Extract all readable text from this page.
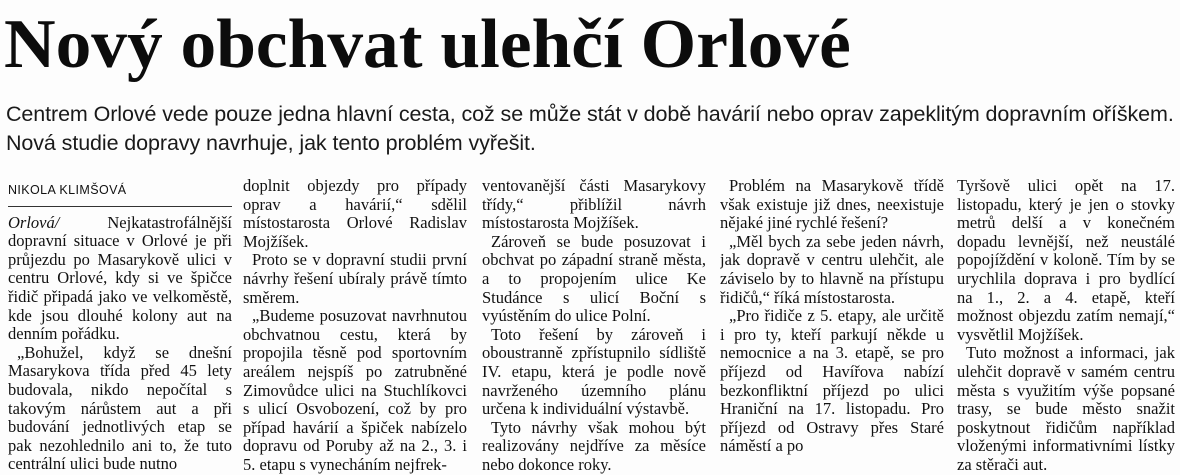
Nový obchvat ulehčí Orlové

Centrem Orlové vede pouze jedna hlavní cesta, což se může stát v době havárií nebo oprav zapeklitým dopravním oříškem. Nová studie dopravy navrhuje, jak tento problém vyřešit.

NIKOLA KLIMŠOVÁ

Orlová/	Nejkatastrofálnější dopravní situace v Orlové je při průjezdu po Masarykově ulici v centru Orlové, kdy si ve špičce řidič připadá jako ve velkoměstě, kde jsou dlouhé kolony aut na denním pořádku.

„Bohužel, když se dnešní Masarykova třída před 45 lety budovala, nikdo nepočítal s takovým nárůstem aut a při budování jednotlivých etap se pak nezohlednilo ani to, že tuto centrální ulici bude nutno

doplnit objezdy pro případy oprav a havárií,“ sdělil místostarosta Orlové Radislav Mojžíšek.

Proto se v dopravní studii první návrhy řešení ubíraly právě tímto směrem.

„Budeme posuzovat navrhnutou obchvatnou cestu, která by propojila těsně pod sportovním areálem nejspíš po zatrubněné Zimovůdce ulici na Stuchlíkovci s ulicí Osvobození, což by pro případ havárií a špiček nabízelo dopravu od Poruby až na 2., 3. i 5. etapu s vynecháním nejfrek-

ventovanější části Masarykovy třídy,“ přiblížil návrh místostarosta Mojžíšek.

Zároveň se bude posuzovat i obchvat po západní straně města, a to propojením ulice Ke Studánce s ulicí Boční s vyústěním do ulice Polní.

Toto řešení by zároveň i oboustranně zpřístupnilo sídliště IV. etapu, která je podle nově navrženého územního plánu určena k individuální výstavbě.

Tyto návrhy však mohou být realizovány nejdříve za měsíce nebo dokonce roky.

Problém na Masarykově třídě však existuje již dnes, neexistuje nějaké jiné rychlé řešení?

„Měl bych za sebe jeden návrh, jak dopravě v centru ulehčit, ale záviselo by to hlavně na přístupu řidičů,“ říká místostarosta.

„Pro řidiče z 5. etapy, ale určitě i pro ty, kteří parkují někde u nemocnice a na 3. etapě, se pro příjezd od Havířova nabízí bezkonfliktní příjezd po ulici Hraniční na 17. listopadu. Pro příjezd od Ostravy přes Staré náměstí a po

Tyršově ulici opět na 17. listopadu, který je jen o stovky metrů delší a v konečném dopadu levnější, než neustálé popojíždění v koloně. Tím by se urychlila doprava i pro bydlící na 1., 2. a 4. etapě, kteří možnost objezdu zatím nemají,“ vysvětlil Mojžíšek.

Tuto možnost a informaci, jak ulehčit dopravě v samém centru města s využitím výše popsané trasy, se bude město snažit poskytnout řidičům například vloženými informativními lístky za stěrači aut.
